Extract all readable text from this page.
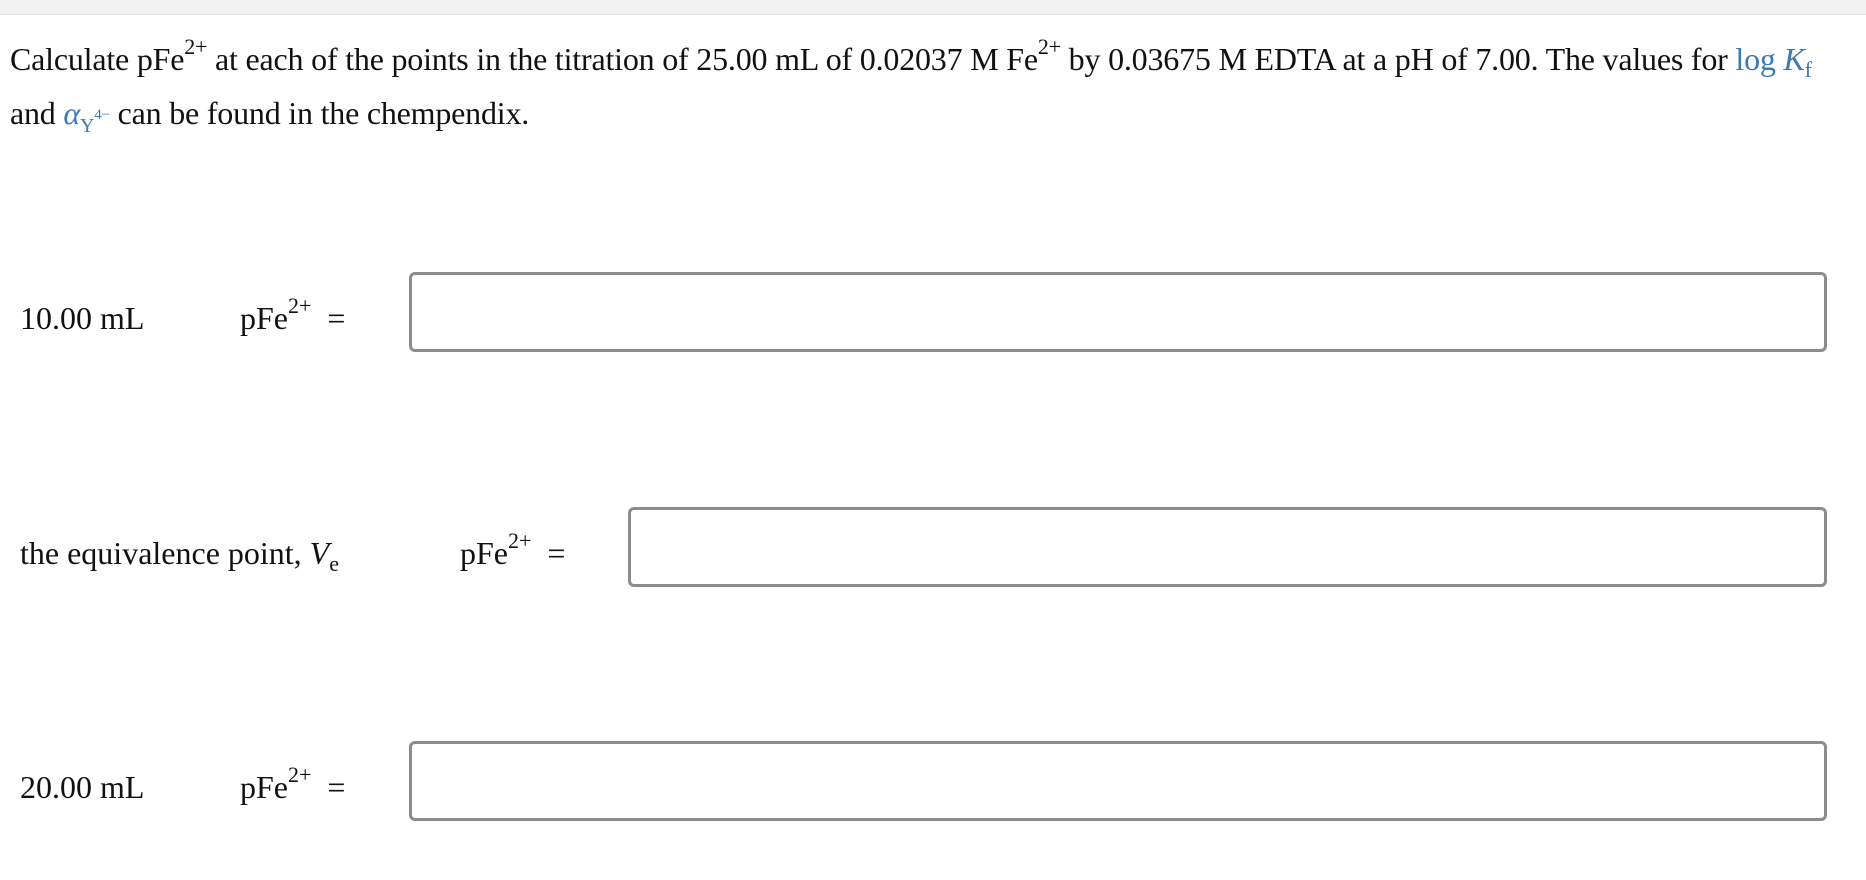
Calculate pFe$^{2+}$ at each of the points in the titration of 25.00 mL of 0.02037 M $Fe^{2+}$ by 0.03675 M EDTA at a pH of 7.00. The values for $\log K_f$ and $\alpha_{Y^{4-}}$ can be found in the chempendix.
10.00 mL	pFe$^{2+}$ =
the equivalence point, $V_e$	pFe$^{2+}$ =
20.00 mL	pFe$^{2+}$ =
